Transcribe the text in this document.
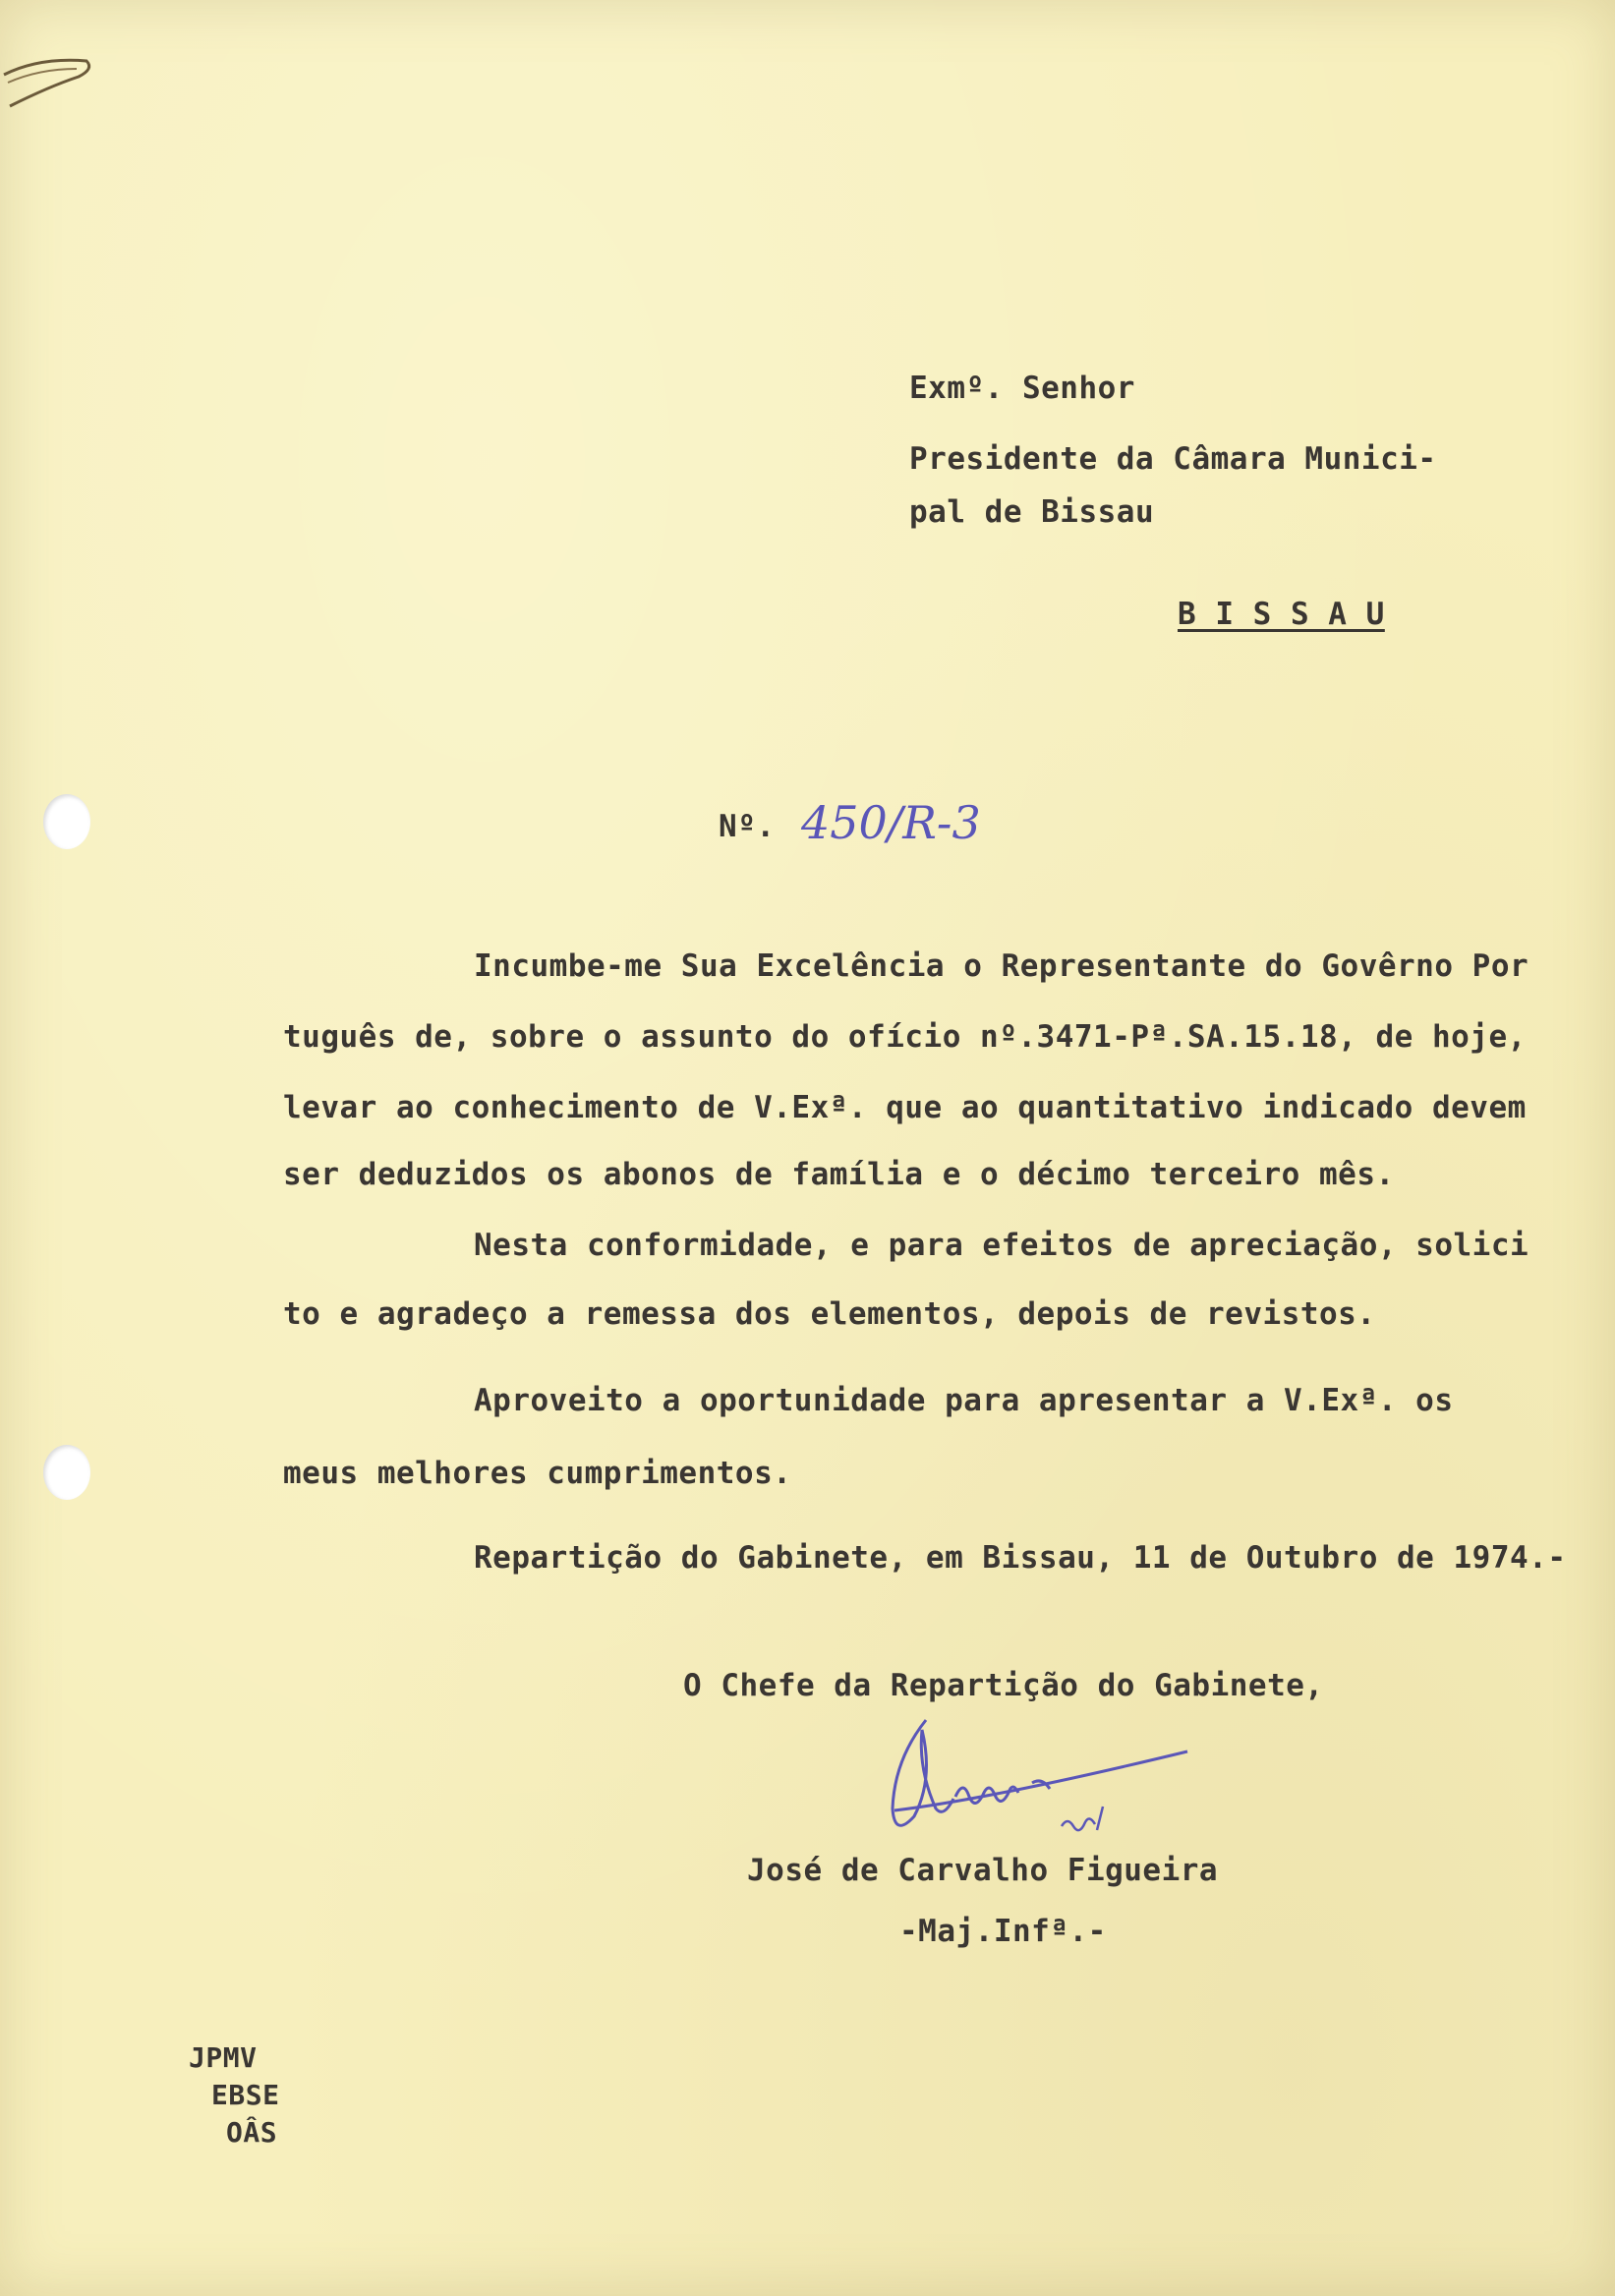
Exmº. Senhor
Presidente da Câmara Munici-
pal de Bissau
B I S S A U
Nº. 450/R-3
Incumbe-me Sua Excelência o Representante do Govêrno Por
tuguês de, sobre o assunto do ofício nº.3471-Pª.SA.15.18, de hoje,
levar ao conhecimento de V.Exª. que ao quantitativo indicado devem
ser deduzidos os abonos de família e o décimo terceiro mês.
Nesta conformidade, e para efeitos de apreciação, solici
to e agradeço a remessa dos elementos, depois de revistos.
Aproveito a oportunidade para apresentar a V.Exª. os
meus melhores cumprimentos.
Repartição do Gabinete, em Bissau, 11 de Outubro de 1974.-
O Chefe da Repartição do Gabinete,
José de Carvalho Figueira
-Maj.Infª.-
JPMV
EBSE
OÂS
